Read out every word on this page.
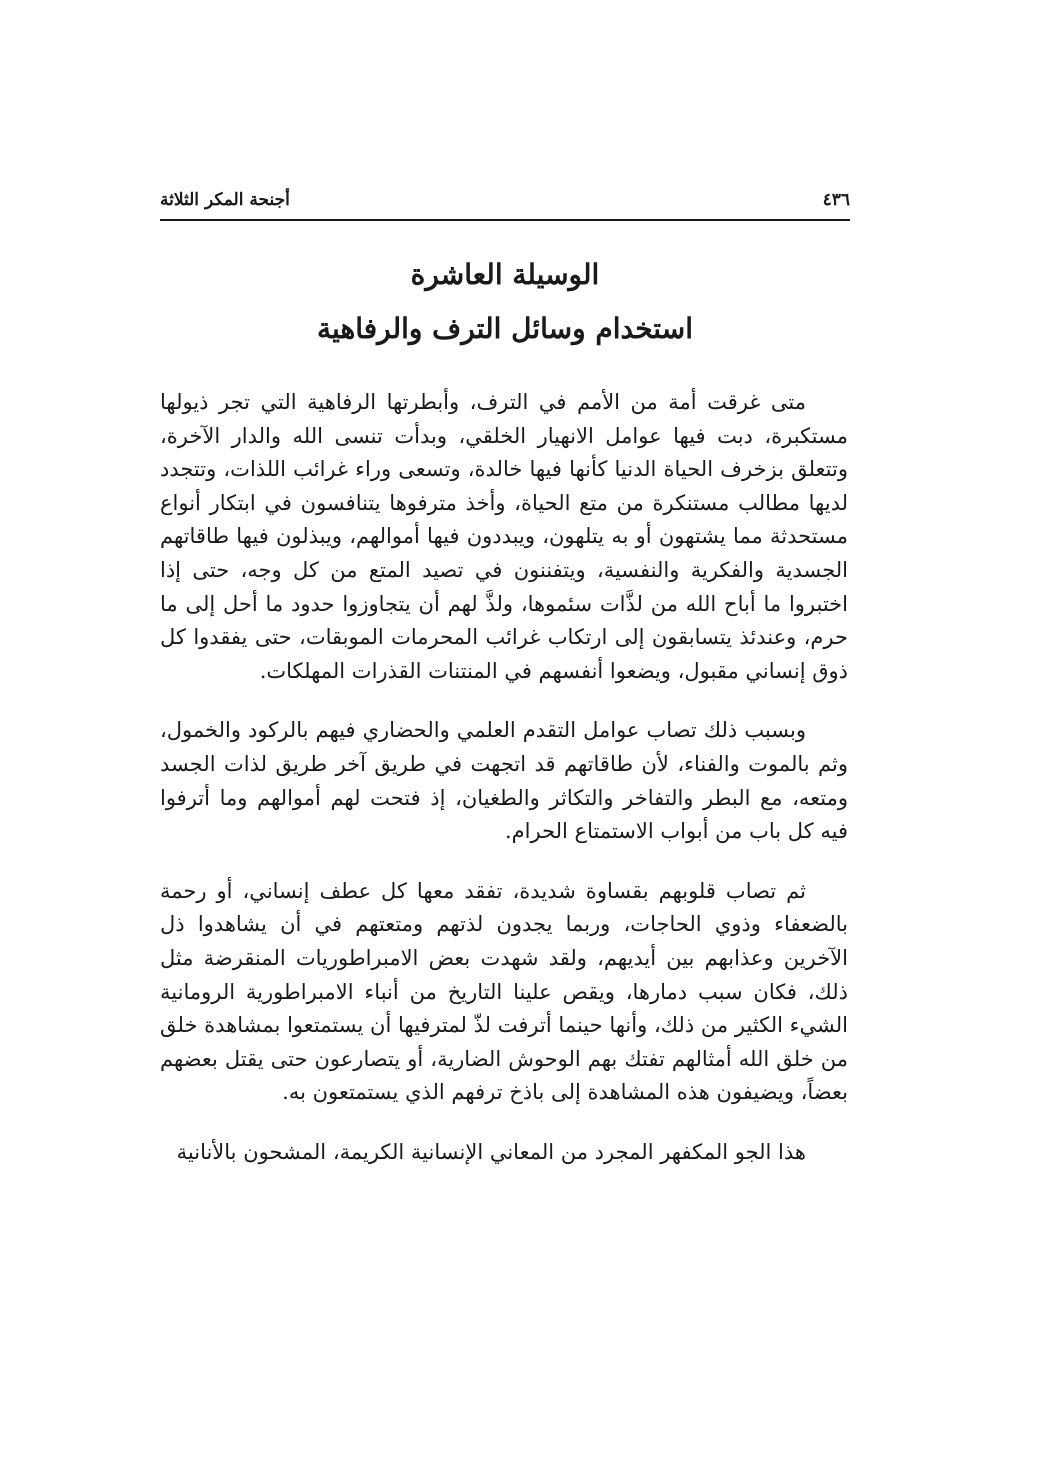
٤٣٦
أجنحة المكر الثلاثة
الوسيلة العاشرة
استخدام وسائل الترف والرفاهية

متى غرقت أمة من الأمم في الترف، وأبطرتها الرفاهية التي تجر ذيولها مستكبرة، دبت فيها عوامل الانهيار الخلقي، وبدأت تنسى الله والدار الآخرة، وتتعلق بزخرف الحياة الدنيا كأنها فيها خالدة، وتسعى وراء غرائب اللذات، وتتجدد لديها مطالب مستنكرة من متع الحياة، وأخذ مترفوها يتنافسون في ابتكار أنواع مستحدثة مما يشتهون أو به يتلهون، ويبددون فيها أموالهم، ويبذلون فيها طاقاتهم الجسدية والفكرية والنفسية، ويتفننون في تصيد المتع من كل وجه، حتى إذا اختبروا ما أباح الله من لذَّات سئموها، ولذَّ لهم أن يتجاوزوا حدود ما أحل إلى ما حرم، وعندئذ يتسابقون إلى ارتكاب غرائب المحرمات الموبقات، حتى يفقدوا كل ذوق إنساني مقبول، ويضعوا أنفسهم في المنتنات القذرات المهلكات.

وبسبب ذلك تصاب عوامل التقدم العلمي والحضاري فيهم بالركود والخمول، وثم بالموت والفناء، لأن طاقاتهم قد اتجهت في طريق آخر طريق لذات الجسد ومتعه، مع البطر والتفاخر والتكاثر والطغيان، إذ فتحت لهم أموالهم وما أترفوا فيه كل باب من أبواب الاستمتاع الحرام.

ثم تصاب قلوبهم بقساوة شديدة، تفقد معها كل عطف إنساني، أو رحمة بالضعفاء وذوي الحاجات، وربما يجدون لذتهم ومتعتهم في أن يشاهدوا ذل الآخرين وعذابهم بين أيديهم، ولقد شهدت بعض الامبراطوريات المنقرضة مثل ذلك، فكان سبب دمارها، ويقص علينا التاريخ من أنباء الامبراطورية الرومانية الشيء الكثير من ذلك، وأنها حينما أترفت لذّ لمترفيها أن يستمتعوا بمشاهدة خلق من خلق الله أمثالهم تفتك بهم الوحوش الضارية، أو يتصارعون حتى يقتل بعضهم بعضاً، ويضيفون هذه المشاهدة إلى باذخ ترفهم الذي يستمتعون به.

هذا الجو المكفهر المجرد من المعاني الإنسانية الكريمة، المشحون بالأنانية
